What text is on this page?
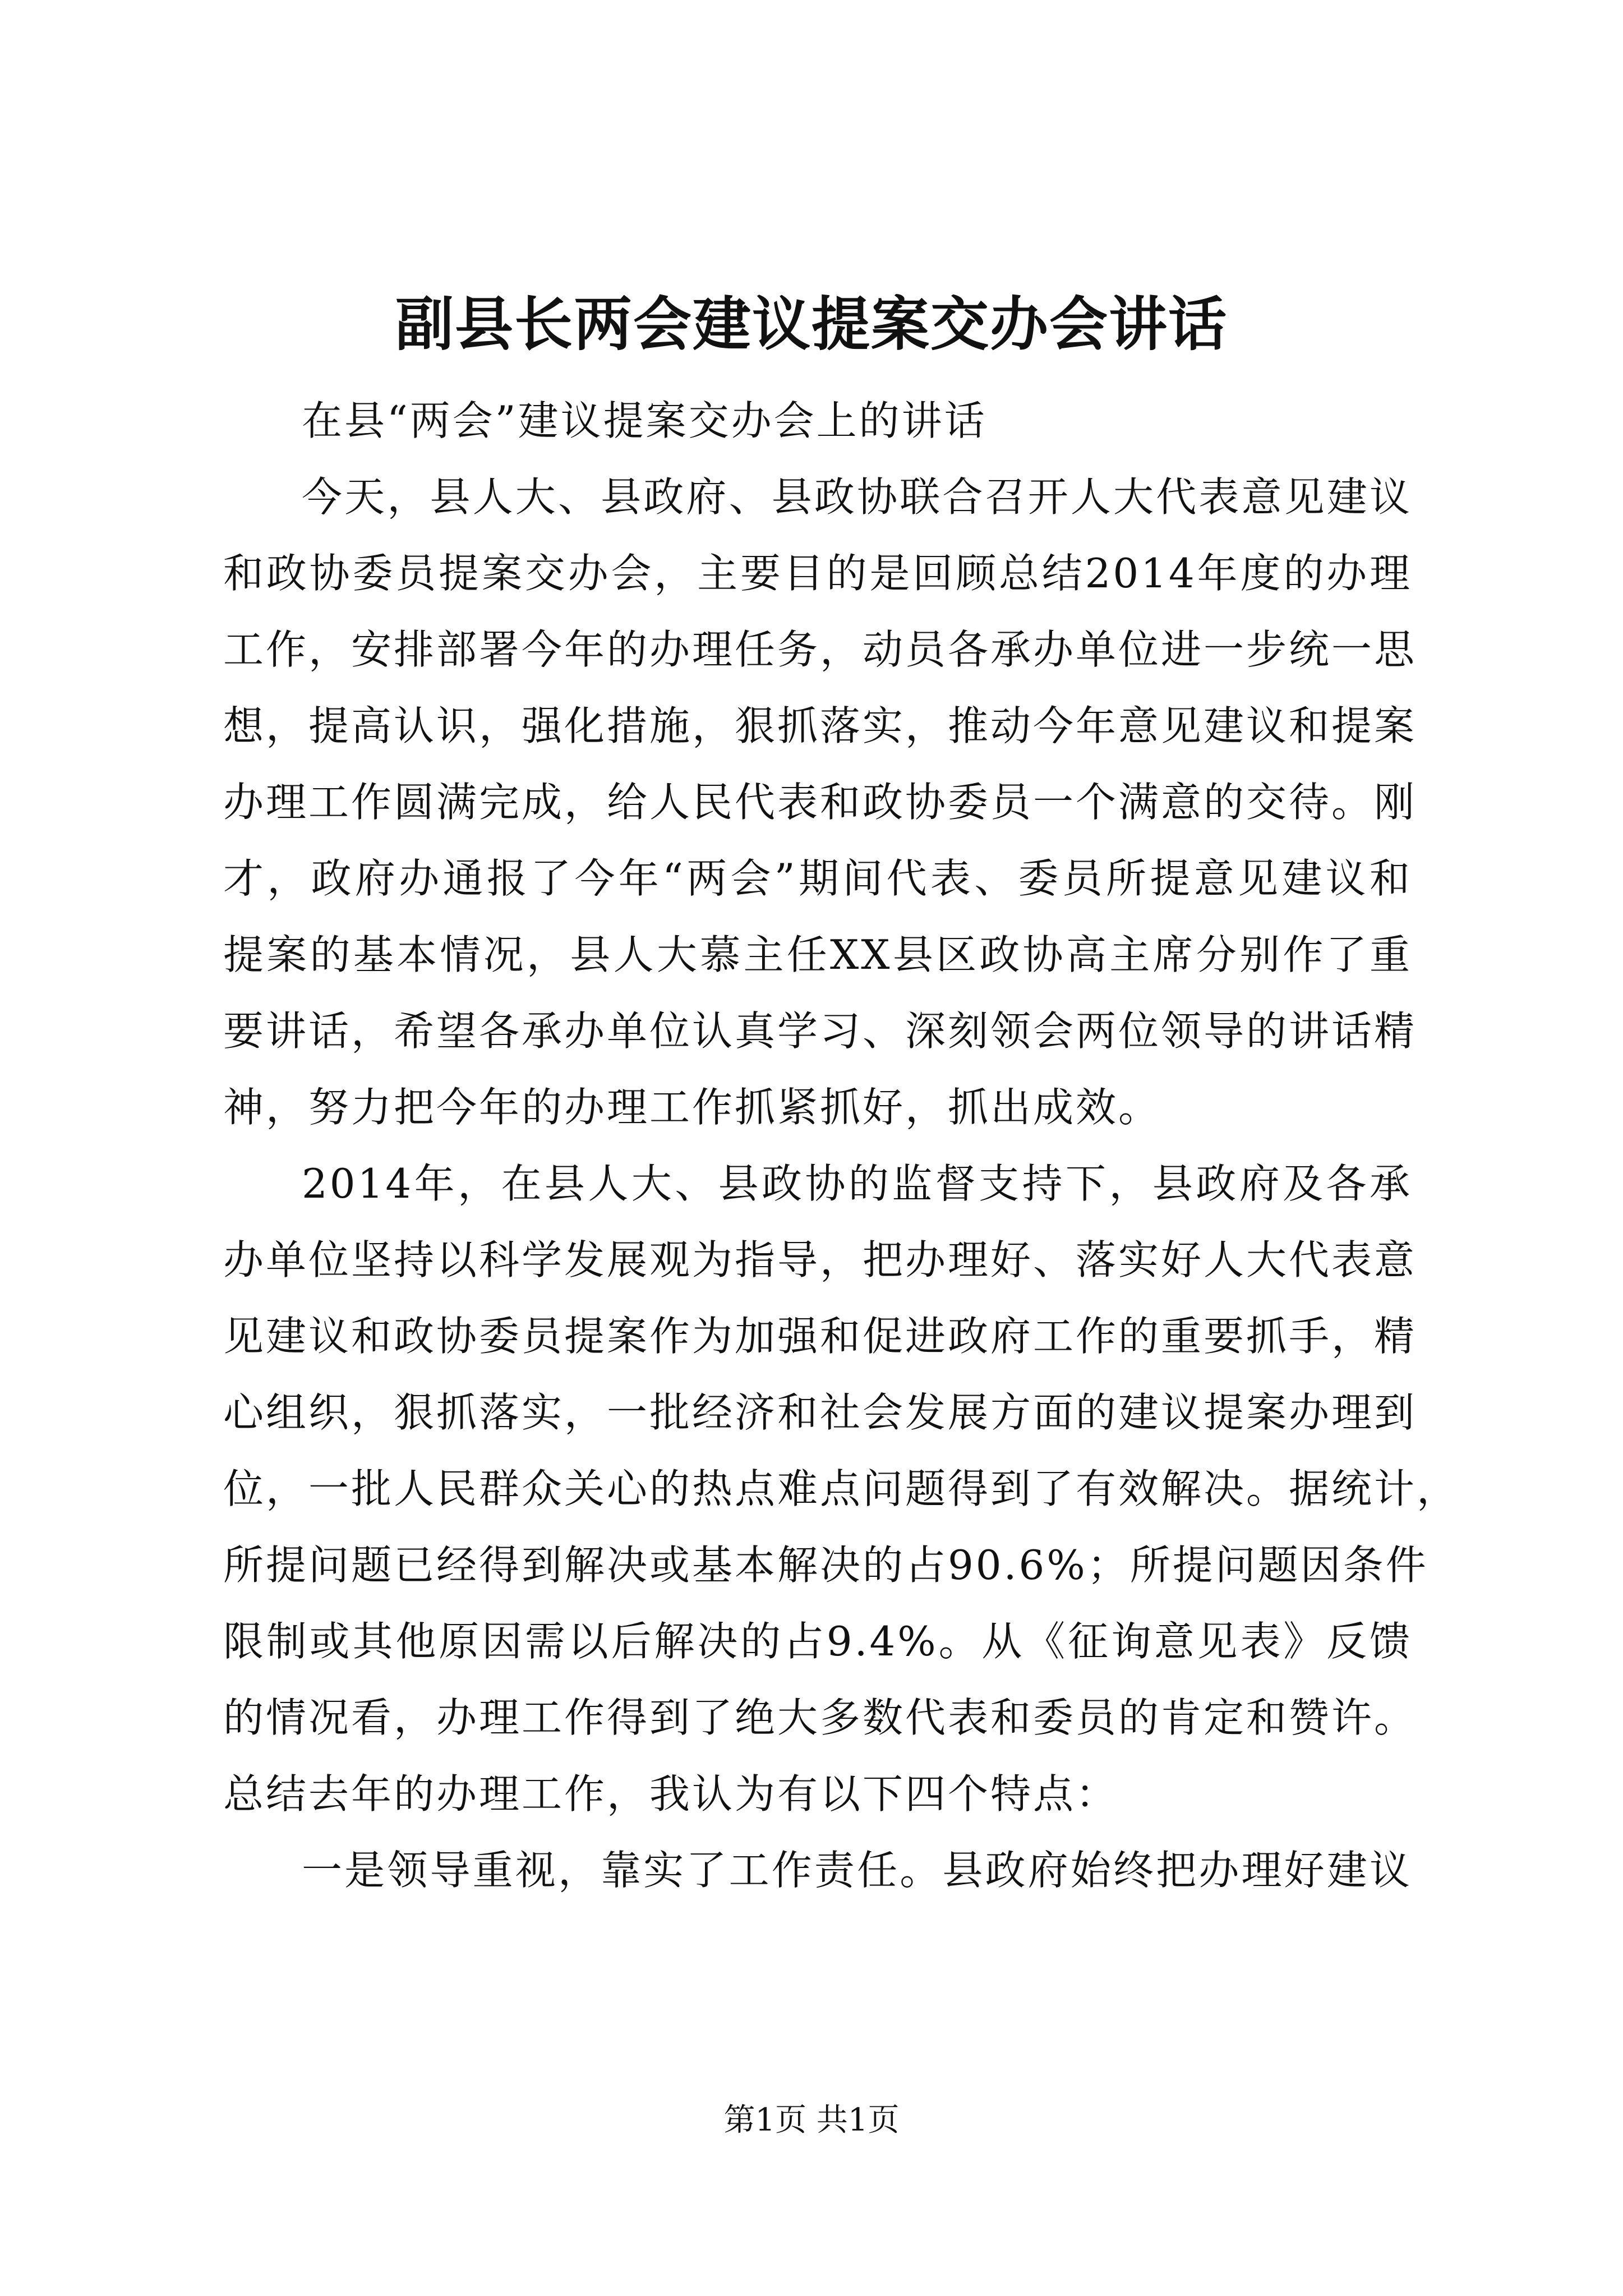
副县长两会建议提案交办会讲话

在县“两会”建议提案交办会上的讲话

今天，县人大、县政府、县政协联合召开人大代表意见建议

和政协委员提案交办会，主要目的是回顾总结2014年度的办理

工作，安排部署今年的办理任务，动员各承办单位进一步统一思

想，提高认识，强化措施，狠抓落实，推动今年意见建议和提案

办理工作圆满完成，给人民代表和政协委员一个满意的交待。刚

才，政府办通报了今年“两会”期间代表、委员所提意见建议和

提案的基本情况，县人大慕主任XX县区政协高主席分别作了重

要讲话，希望各承办单位认真学习、深刻领会两位领导的讲话精

神，努力把今年的办理工作抓紧抓好，抓出成效。

2014年，在县人大、县政协的监督支持下，县政府及各承

办单位坚持以科学发展观为指导，把办理好、落实好人大代表意

见建议和政协委员提案作为加强和促进政府工作的重要抓手，精

心组织，狠抓落实，一批经济和社会发展方面的建议提案办理到

位，一批人民群众关心的热点难点问题得到了有效解决。据统计，

所提问题已经得到解决或基本解决的占90.6%；所提问题因条件

限制或其他原因需以后解决的占9.4%。从《征询意见表》反馈

的情况看，办理工作得到了绝大多数代表和委员的肯定和赞许。

总结去年的办理工作，我认为有以下四个特点：

一是领导重视，靠实了工作责任。县政府始终把办理好建议

第1页 共1页
